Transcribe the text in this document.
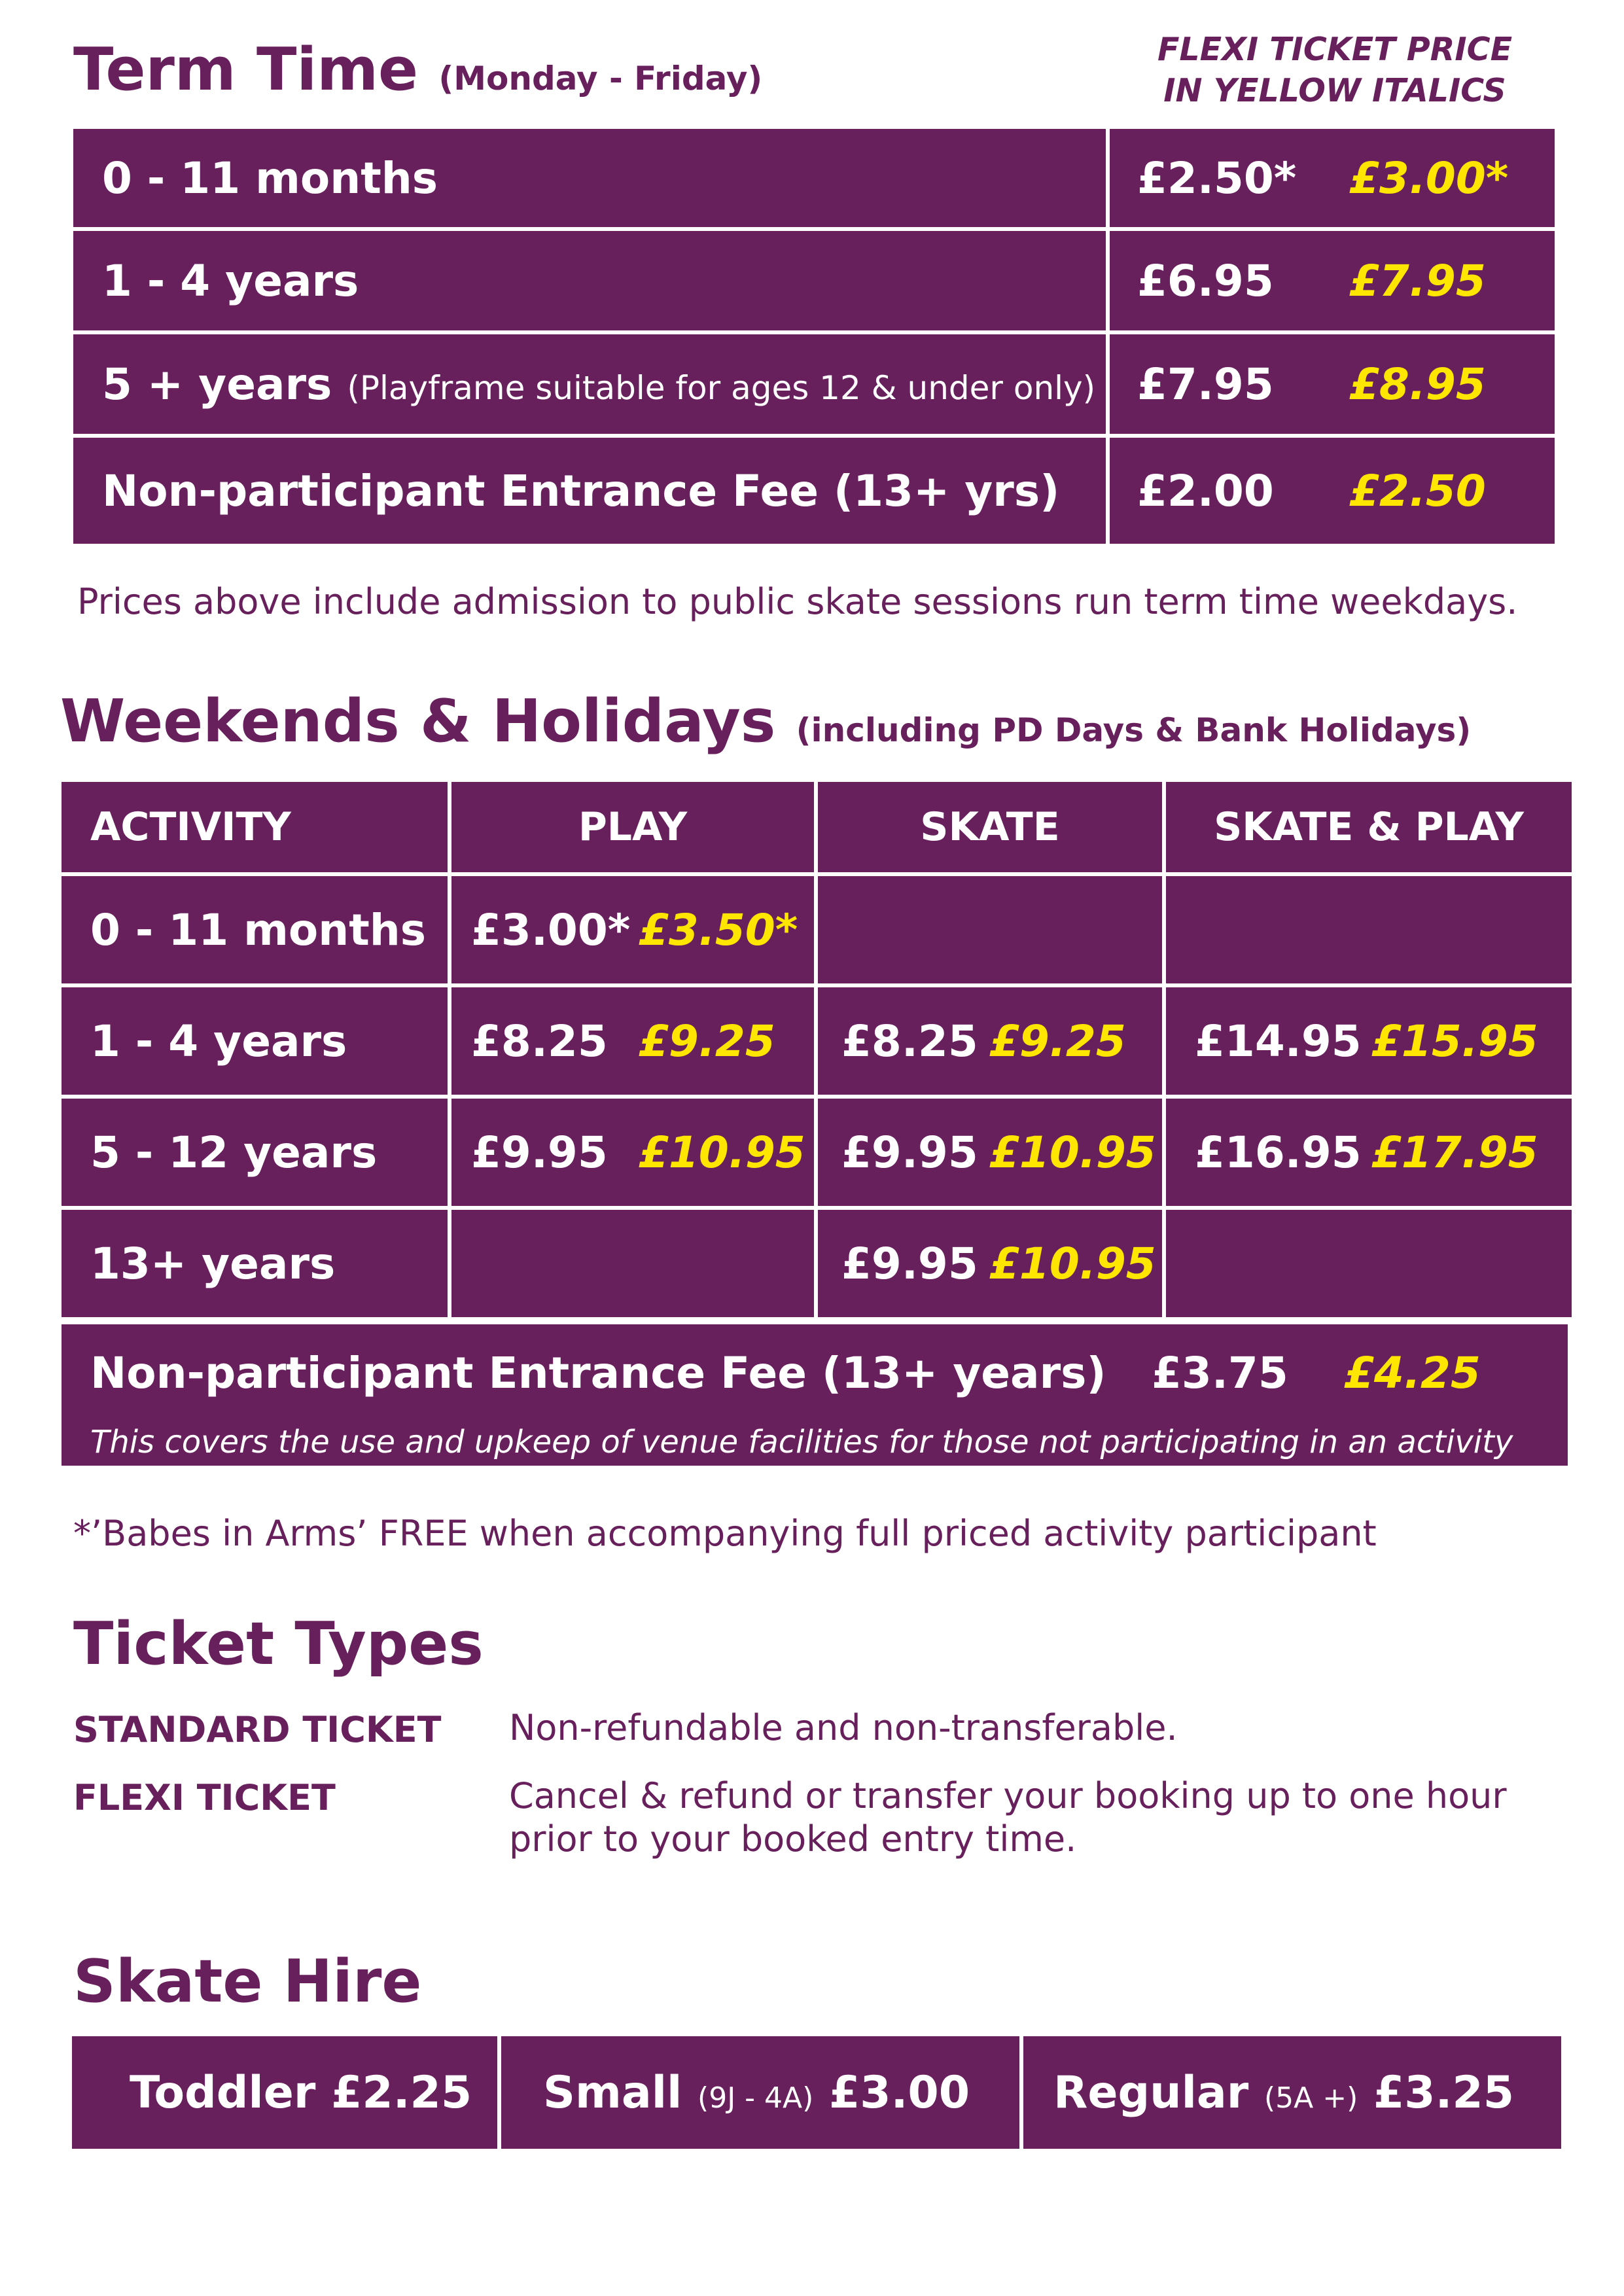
Term Time (Monday - Friday)
FLEXI TICKET PRICE
IN YELLOW ITALICS
0 - 11 months	£2.50* £3.00*
1 - 4 years	£6.95 £7.95
5 + years (Playframe suitable for ages 12 & under only)	£7.95 £8.95
Non-participant Entrance Fee (13+ yrs)	£2.00 £2.50
Prices above include admission to public skate sessions run term time weekdays.
Weekends & Holidays (including PD Days & Bank Holidays)
ACTIVITY	PLAY	SKATE	SKATE & PLAY
0 - 11 months	£3.00* £3.50*		
1 - 4 years	£8.25 £9.25	£8.25 £9.25	£14.95 £15.95
5 - 12 years	£9.95 £10.95	£9.95 £10.95	£16.95 £17.95
13+ years		£9.95 £10.95	
Non-participant Entrance Fee (13+ years) £3.75 £4.25
This covers the use and upkeep of venue facilities for those not participating in an activity
*’Babes in Arms’ FREE when accompanying full priced activity participant
Ticket Types
STANDARD TICKET Non-refundable and non-transferable.
FLEXI TICKET	Cancel & refund or transfer your booking up to one hour
prior to your booked entry time.
Skate Hire
Toddler £2.25	Small (9J - 4A) £3.00	Regular (5A +) £3.25
